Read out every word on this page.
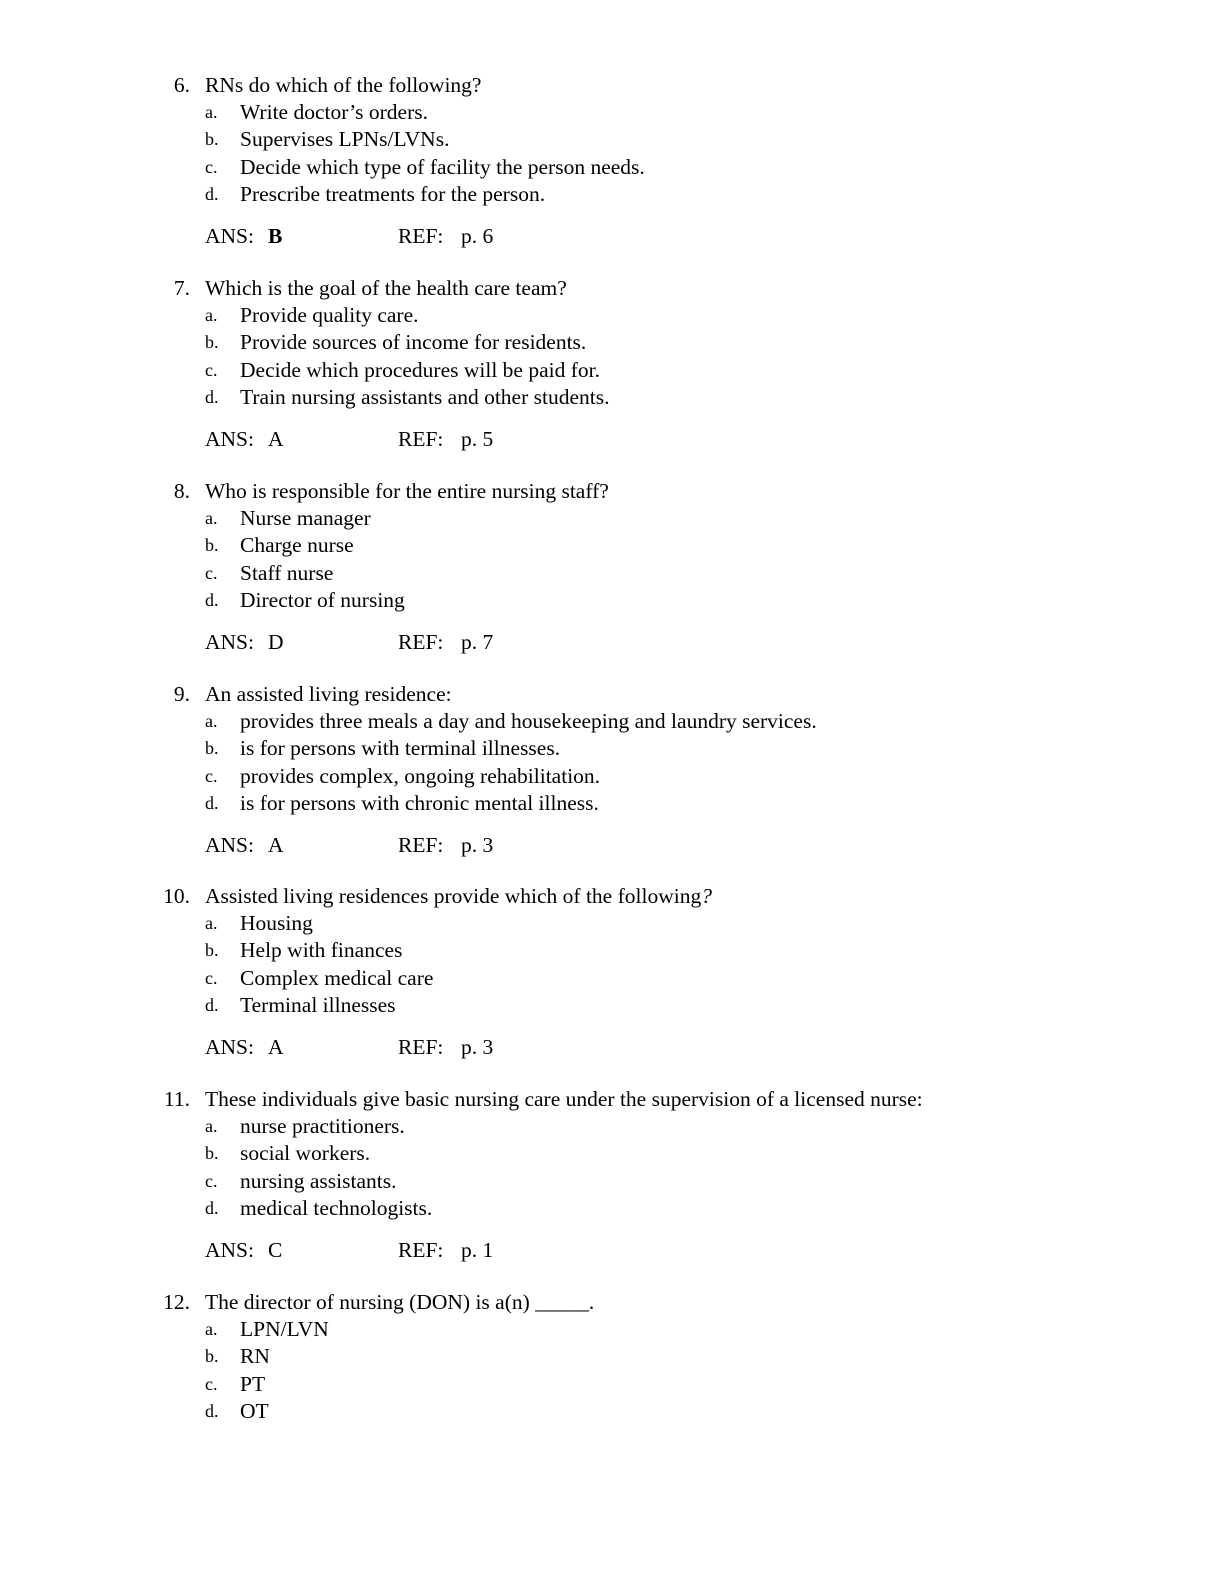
6. RNs do which of the following?
a. Write doctor’s orders.
b. Supervises LPNs/LVNs.
c. Decide which type of facility the person needs.
d. Prescribe treatments for the person.
ANS: B	REF: p. 6
7. Which is the goal of the health care team?
a. Provide quality care.
b. Provide sources of income for residents.
c. Decide which procedures will be paid for.
d. Train nursing assistants and other students.
ANS: A	REF: p. 5
8. Who is responsible for the entire nursing staff?
a. Nurse manager
b. Charge nurse
c. Staff nurse
d. Director of nursing
ANS: D	REF: p. 7
9. An assisted living residence:
a. provides three meals a day and housekeeping and laundry services.
b. is for persons with terminal illnesses.
c. provides complex, ongoing rehabilitation.
d. is for persons with chronic mental illness.
ANS: A	REF: p. 3
10. Assisted living residences provide which of the following?
a. Housing
b. Help with finances
c. Complex medical care
d. Terminal illnesses
ANS: A	REF: p. 3
11. These individuals give basic nursing care under the supervision of a licensed nurse:
a. nurse practitioners.
b. social workers.
c. nursing assistants.
d. medical technologists.
ANS: C	REF: p. 1
12. The director of nursing (DON) is a(n) _____.
a. LPN/LVN
b. RN
c. PT
d. OT
